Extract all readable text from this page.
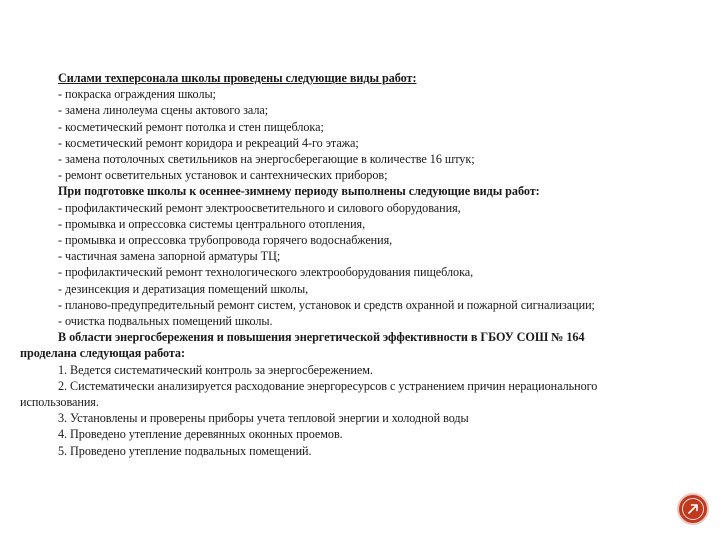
Силами техперсонала школы проведены следующие виды работ:
- покраска ограждения школы;
- замена линолеума сцены актового зала;
- косметический ремонт потолка и стен пищеблока;
- косметический ремонт коридора и рекреаций 4-го этажа;
- замена потолочных светильников на энергосберегающие в количестве 16 штук;
- ремонт осветительных установок и сантехнических приборов;
При подготовке школы к осеннее-зимнему периоду выполнены следующие виды работ:
- профилактический ремонт электроосветительного и силового оборудования,
- промывка и опрессовка системы центрального отопления,
- промывка и опрессовка трубопровода горячего водоснабжения,
- частичная замена запорной арматуры ТЦ;
- профилактический ремонт технологического электрооборудования пищеблока,
- дезинсекция и дератизация помещений школы,
- планово-предупредительный ремонт систем, установок и средств охранной и пожарной сигнализации;
- очистка подвальных помещений школы.
В области энергосбережения и повышения энергетической эффективности в ГБОУ СОШ № 164
проделана следующая работа:
1. Ведется систематический контроль за энергосбережением.
2. Систематически анализируется расходование энергоресурсов с устранением причин нерационального
использования.
3. Установлены и проверены приборы учета тепловой энергии и холодной воды
4. Проведено утепление деревянных оконных проемов.
5. Проведено утепление подвальных помещений.
